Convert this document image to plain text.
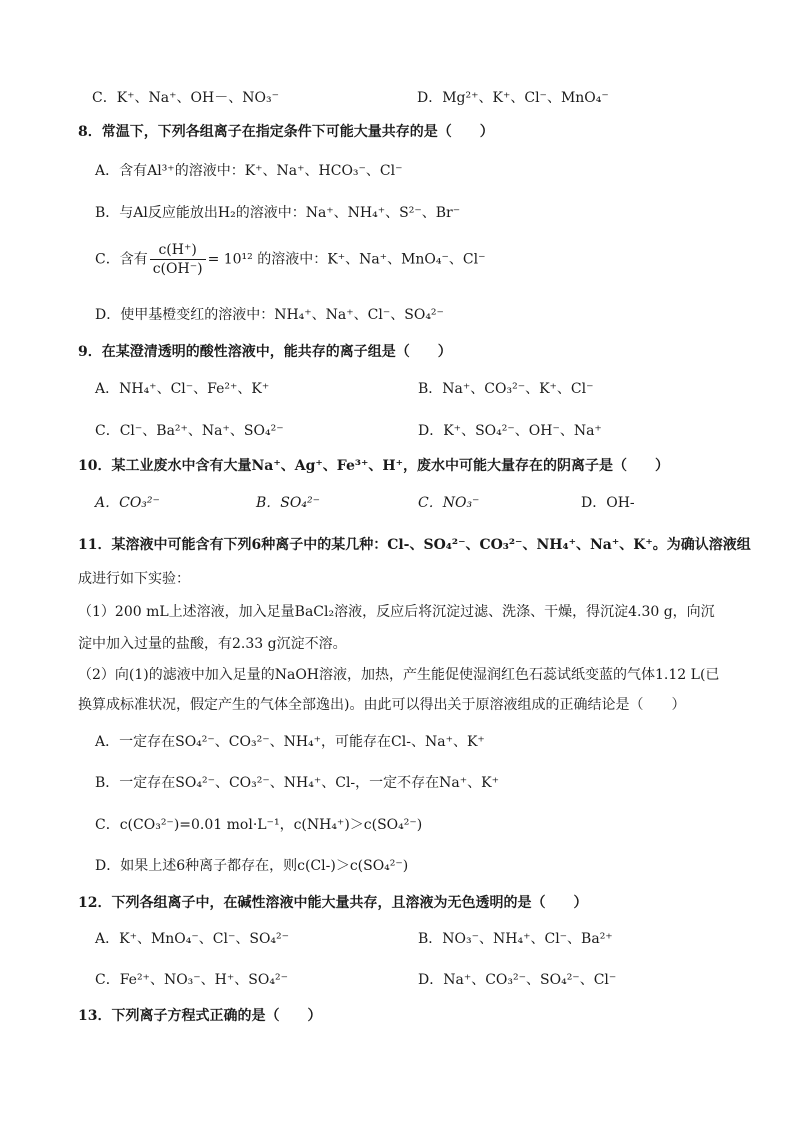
C．K⁺、Na⁺、OH－、NO₃⁻	D．Mg²⁺、K⁺、Cl⁻、MnO₄⁻
8．常温下，下列各组离子在指定条件下可能大量共存的是（　　）
A．含有Al³⁺的溶液中：K⁺、Na⁺、HCO₃⁻、Cl⁻
B．与Al反应能放出H₂的溶液中：Na⁺、NH₄⁺、S²⁻、Br⁻
C．含有 $\frac{c(H^+)}{c(OH^-)} = 10^{12}$ 的溶液中：K⁺、Na⁺、MnO₄⁻、Cl⁻
D．使甲基橙变红的溶液中：NH₄⁺、Na⁺、Cl⁻、SO₄²⁻
9．在某澄清透明的酸性溶液中，能共存的离子组是（　　）
A．NH₄⁺、Cl⁻、Fe²⁺、K⁺	B．Na⁺、CO₃²⁻、K⁺、Cl⁻
C．Cl⁻、Ba²⁺、Na⁺、SO₄²⁻	D．K⁺、SO₄²⁻、OH⁻、Na⁺
10．某工业废水中含有大量Na⁺、Ag⁺、Fe³⁺、H⁺，废水中可能大量存在的阴离子是（　　）
A．CO₃²⁻	B．SO₄²⁻	C．NO₃⁻	D．OH-
11．某溶液中可能含有下列6种离子中的某几种：Cl-、SO₄²⁻、CO₃²⁻、NH₄⁺、Na⁺、K⁺。为确认溶液组
成进行如下实验：
（1）200 mL上述溶液，加入足量BaCl₂溶液，反应后将沉淀过滤、洗涤、干燥，得沉淀4.30 g，向沉
淀中加入过量的盐酸，有2.33 g沉淀不溶。
（2）向(1)的滤液中加入足量的NaOH溶液，加热，产生能促使湿润红色石蕊试纸变蓝的气体1.12 L(已
换算成标准状况，假定产生的气体全部逸出)。由此可以得出关于原溶液组成的正确结论是（　　）
A．一定存在SO₄²⁻、CO₃²⁻、NH₄⁺，可能存在Cl-、Na⁺、K⁺
B．一定存在SO₄²⁻、CO₃²⁻、NH₄⁺、Cl-，一定不存在Na⁺、K⁺
C．c(CO₃²⁻)=0.01 mol·L⁻¹，c(NH₄⁺)＞c(SO₄²⁻)
D．如果上述6种离子都存在，则c(Cl-)＞c(SO₄²⁻)
12．下列各组离子中，在碱性溶液中能大量共存，且溶液为无色透明的是（　　）
A．K⁺、MnO₄⁻、Cl⁻、SO₄²⁻	B．NO₃⁻、NH₄⁺、Cl⁻、Ba²⁺
C．Fe²⁺、NO₃⁻、H⁺、SO₄²⁻	D．Na⁺、CO₃²⁻、SO₄²⁻、Cl⁻
13．下列离子方程式正确的是（　　）
